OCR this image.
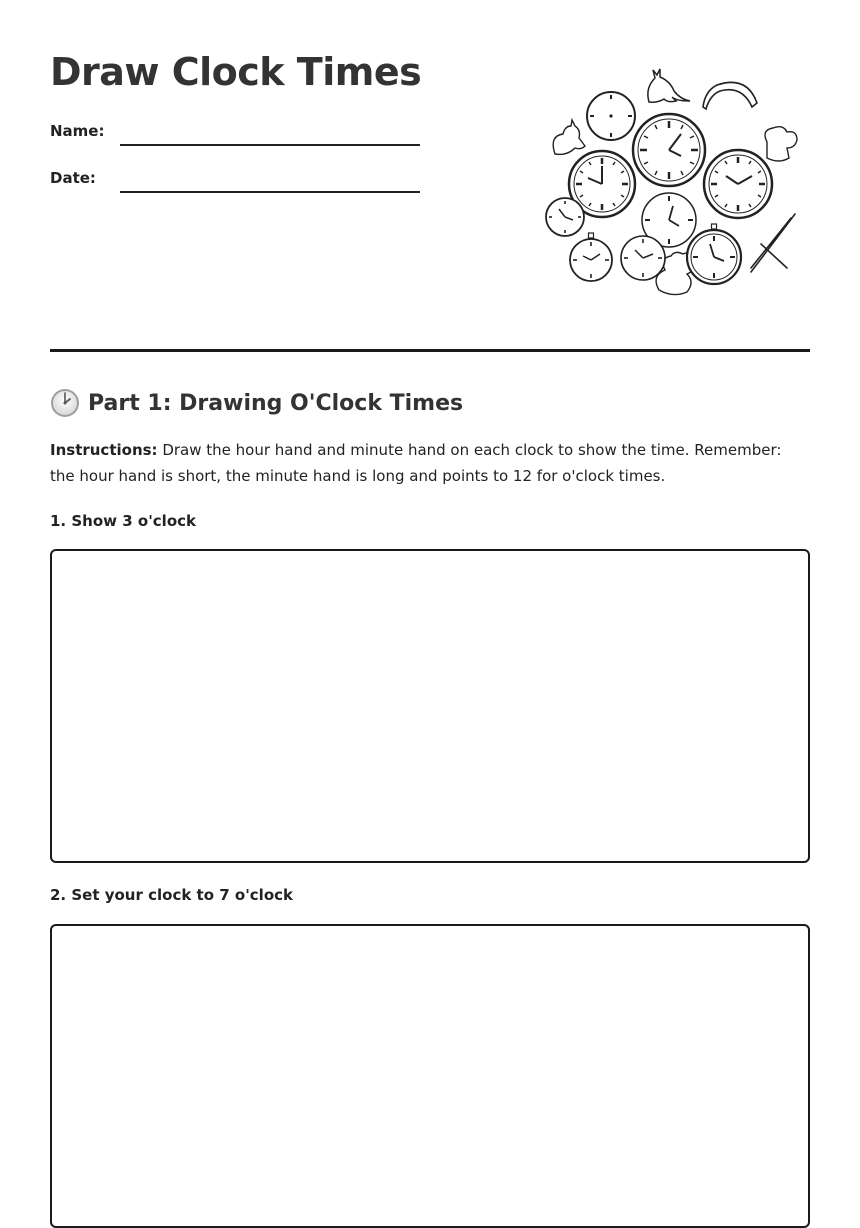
Draw Clock Times
Name:
Date:
Part 1: Drawing O'Clock Times

Instructions: Draw the hour hand and minute hand on each clock to show the time. Remember: the hour hand is short, the minute hand is long and points to 12 for o'clock times.

1. Show 3 o'clock

2. Set your clock to 7 o'clock
